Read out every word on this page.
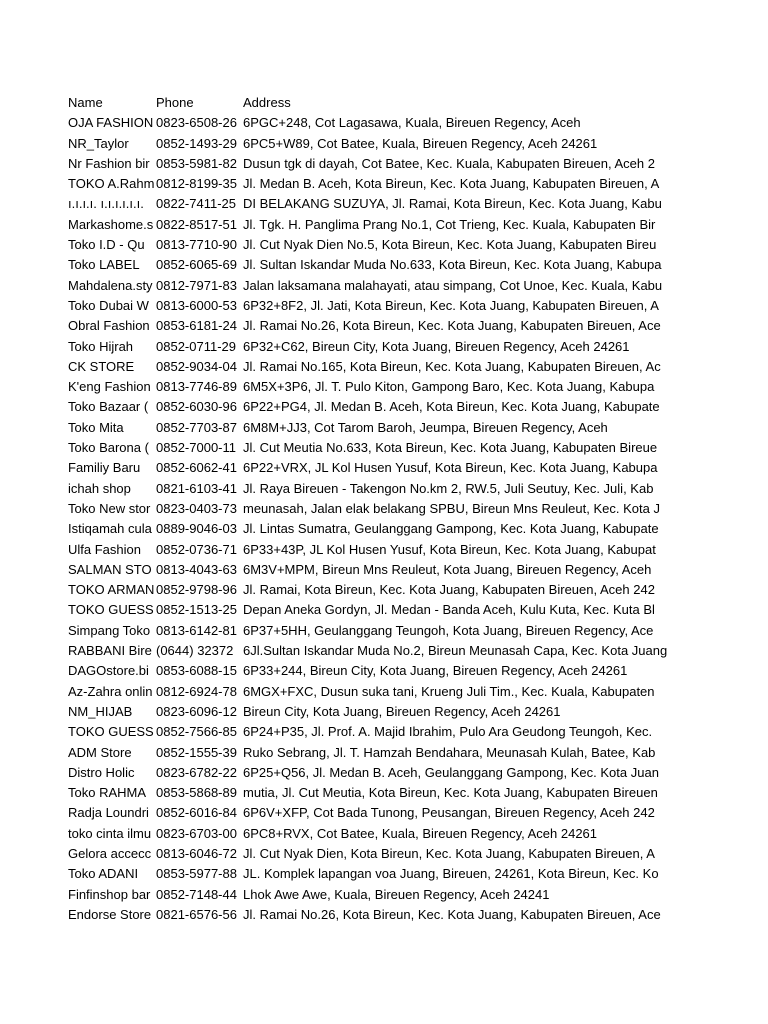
Name	Phone	Address
OJA FASHION 0823-6508-26 6PGC+248, Cot Lagasawa, Kuala, Bireuen Regency, Aceh
NR_Taylor	0852-1493-29 6PC5+W89, Cot Batee, Kuala, Bireuen Regency, Aceh 24261
Nr Fashion bir 0853-5981-82 Dusun tgk di dayah, Cot Batee, Kec. Kuala, Kabupaten Bireuen, Aceh 2
TOKO A.Rahm 0812-8199-35 Jl. Medan B. Aceh, Kota Bireun, Kec. Kota Juang, Kabupaten Bireuen, A
ı.ı.ı.ı. ı.ı.ı.ı.ı.ı. 0822-7411-25 DI BELAKANG SUZUYA, Jl. Ramai, Kota Bireun, Kec. Kota Juang, Kabu
Markashome.s 0822-8517-51 Jl. Tgk. H. Panglima Prang No.1, Cot Trieng, Kec. Kuala, Kabupaten Bir
Toko I.D - Qu 0813-7710-90 Jl. Cut Nyak Dien No.5, Kota Bireun, Kec. Kota Juang, Kabupaten Bireu
Toko LABEL	0852-6065-69 Jl. Sultan Iskandar Muda No.633, Kota Bireun, Kec. Kota Juang, Kabupa
Mahdalena.sty 0812-7971-83 Jalan laksamana malahayati, atau simpang, Cot Unoe, Kec. Kuala, Kabu
Toko Dubai W 0813-6000-53 6P32+8F2, Jl. Jati, Kota Bireun, Kec. Kota Juang, Kabupaten Bireuen, A
Obral Fashion 0853-6181-24 Jl. Ramai No.26, Kota Bireun, Kec. Kota Juang, Kabupaten Bireuen, Ace
Toko Hijrah	0852-0711-29 6P32+C62, Bireun City, Kota Juang, Bireuen Regency, Aceh 24261
CK STORE	0852-9034-04 Jl. Ramai No.165, Kota Bireun, Kec. Kota Juang, Kabupaten Bireuen, Ac
K'eng Fashion 0813-7746-89 6M5X+3P6, Jl. T. Pulo Kiton, Gampong Baro, Kec. Kota Juang, Kabupa
Toko Bazaar ( 0852-6030-96 6P22+PG4, Jl. Medan B. Aceh, Kota Bireun, Kec. Kota Juang, Kabupate
Toko Mita	0852-7703-87 6M8M+JJ3, Cot Tarom Baroh, Jeumpa, Bireuen Regency, Aceh
Toko Barona ( 0852-7000-11 Jl. Cut Meutia No.633, Kota Bireun, Kec. Kota Juang, Kabupaten Bireue
Familiy Baru	0852-6062-41 6P22+VRX, JL Kol Husen Yusuf, Kota Bireun, Kec. Kota Juang, Kabupa
ichah shop	0821-6103-41 Jl. Raya Bireuen - Takengon No.km 2, RW.5, Juli Seutuy, Kec. Juli, Kab
Toko New stor 0823-0403-73 meunasah, Jalan elak belakang SPBU, Bireun Mns Reuleut, Kec. Kota J
Istiqamah cula 0889-9046-03 Jl. Lintas Sumatra, Geulanggang Gampong, Kec. Kota Juang, Kabupate
Ulfa Fashion	0852-0736-71 6P33+43P, JL Kol Husen Yusuf, Kota Bireun, Kec. Kota Juang, Kabupat
SALMAN STO 0813-4043-63 6M3V+MPM, Bireun Mns Reuleut, Kota Juang, Bireuen Regency, Aceh
TOKO ARMAN 0852-9798-96 Jl. Ramai, Kota Bireun, Kec. Kota Juang, Kabupaten Bireuen, Aceh 242
TOKO GUESS 0852-1513-25 Depan Aneka Gordyn, Jl. Medan - Banda Aceh, Kulu Kuta, Kec. Kuta Bl
Simpang Toko 0813-6142-81 6P37+5HH, Geulanggang Teungoh, Kota Juang, Bireuen Regency, Ace
RABBANI Bire (0644) 32372 6Jl.Sultan Iskandar Muda No.2, Bireun Meunasah Capa, Kec. Kota Juang
DAGOstore.bi 0853-6088-15 6P33+244, Bireun City, Kota Juang, Bireuen Regency, Aceh 24261
Az-Zahra onlin 0812-6924-78 6MGX+FXC, Dusun suka tani, Krueng Juli Tim., Kec. Kuala, Kabupaten
NM_HIJAB	0823-6096-12 Bireun City, Kota Juang, Bireuen Regency, Aceh 24261
TOKO GUESS 0852-7566-85 6P24+P35, Jl. Prof. A. Majid Ibrahim, Pulo Ara Geudong Teungoh, Kec.
ADM Store	0852-1555-39 Ruko Sebrang, Jl. T. Hamzah Bendahara, Meunasah Kulah, Batee, Kab
Distro Holic	0823-6782-22 6P25+Q56, Jl. Medan B. Aceh, Geulanggang Gampong, Kec. Kota Juan
Toko RAHMA 0853-5868-89 mutia, Jl. Cut Meutia, Kota Bireun, Kec. Kota Juang, Kabupaten Bireuen
Radja Loundri 0852-6016-84 6P6V+XFP, Cot Bada Tunong, Peusangan, Bireuen Regency, Aceh 242
toko cinta ilmu 0823-6703-00 6PC8+RVX, Cot Batee, Kuala, Bireuen Regency, Aceh 24261
Gelora accecc 0813-6046-72 Jl. Cut Nyak Dien, Kota Bireun, Kec. Kota Juang, Kabupaten Bireuen, A
Toko ADANI	0853-5977-88 JL. Komplek lapangan voa Juang, Bireuen, 24261, Kota Bireun, Kec. Ko
Finfinshop bar 0852-7148-44 Lhok Awe Awe, Kuala, Bireuen Regency, Aceh 24241
Endorse Store 0821-6576-56 Jl. Ramai No.26, Kota Bireun, Kec. Kota Juang, Kabupaten Bireuen, Ace
